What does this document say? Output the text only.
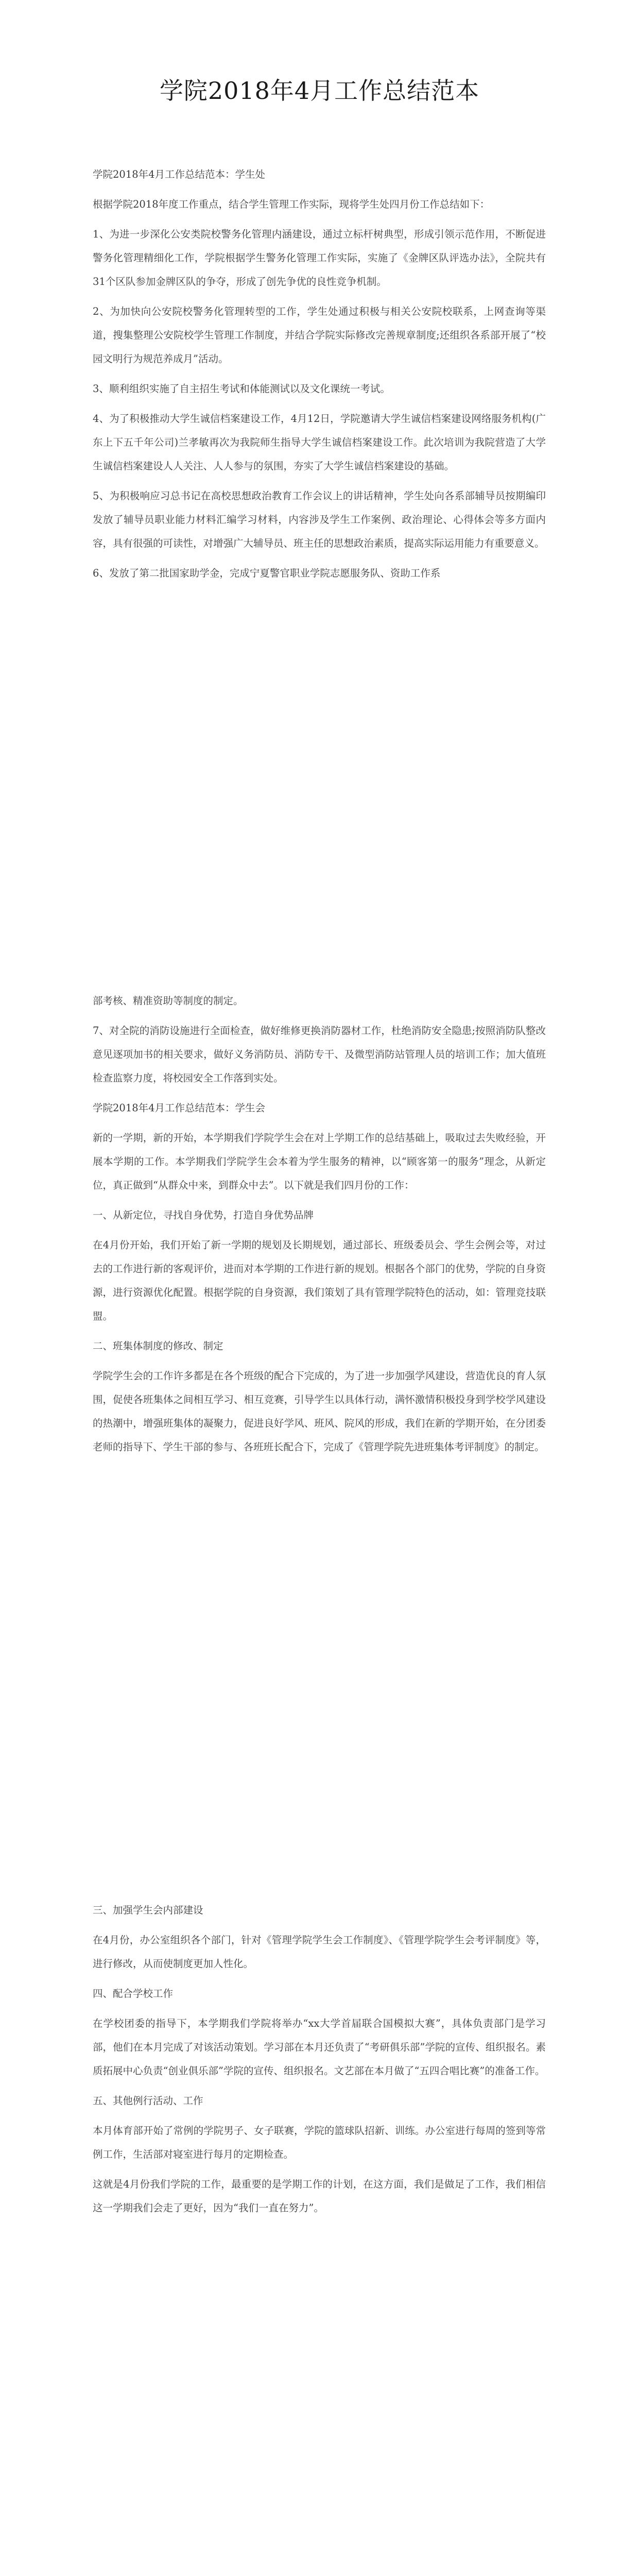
学院2018年4月工作总结范本

学院2018年4月工作总结范本：学生处

根据学院2018年度工作重点，结合学生管理工作实际，现将学生处四月份工作总结如下：

1、为进一步深化公安类院校警务化管理内涵建设，通过立标杆树典型，形成引领示范作用，不断促进警务化管理精细化工作，学院根据学生警务化管理工作实际，实施了《金牌区队评选办法》，全院共有31个区队参加金牌区队的争夺，形成了创先争优的良性竞争机制。

2、为加快向公安院校警务化管理转型的工作，学生处通过积极与相关公安院校联系，上网查询等渠道，搜集整理公安院校学生管理工作制度，并结合学院实际修改完善规章制度;还组织各系部开展了“校园文明行为规范养成月”活动。

3、顺利组织实施了自主招生考试和体能测试以及文化课统一考试。

4、为了积极推动大学生诚信档案建设工作，4月12日，学院邀请大学生诚信档案建设网络服务机构(广东上下五千年公司)兰孝敏再次为我院师生指导大学生诚信档案建设工作。此次培训为我院营造了大学生诚信档案建设人人关注、人人参与的氛围，夯实了大学生诚信档案建设的基础。

5、为积极响应习总书记在高校思想政治教育工作会议上的讲话精神，学生处向各系部辅导员按期编印发放了辅导员职业能力材料汇编学习材料，内容涉及学生工作案例、政治理论、心得体会等多方面内容，具有很强的可读性，对增强广大辅导员、班主任的思想政治素质，提高实际运用能力有重要意义。

6、发放了第二批国家助学金，完成宁夏警官职业学院志愿服务队、资助工作系

部考核、精准资助等制度的制定。

7、对全院的消防设施进行全面检查，做好维修更换消防器材工作，杜绝消防安全隐患;按照消防队整改意见逐项加书的相关要求，做好义务消防员、消防专干、及微型消防站管理人员的培训工作；加大值班检查监察力度，将校园安全工作落到实处。

学院2018年4月工作总结范本：学生会

新的一学期，新的开始，本学期我们学院学生会在对上学期工作的总结基础上，吸取过去失败经验，开展本学期的工作。本学期我们学院学生会本着为学生服务的精神，以“顾客第一的服务”理念，从新定位，真正做到“从群众中来，到群众中去”。以下就是我们四月份的工作：

一、从新定位，寻找自身优势，打造自身优势品牌

在4月份开始，我们开始了新一学期的规划及长期规划，通过部长、班级委员会、学生会例会等，对过去的工作进行新的客观评价，进而对本学期的工作进行新的规划。根据各个部门的优势，学院的自身资源，进行资源优化配置。根据学院的自身资源，我们策划了具有管理学院特色的活动，如：管理竞技联盟。

二、班集体制度的修改、制定

学院学生会的工作许多都是在各个班级的配合下完成的，为了进一步加强学风建设，营造优良的育人氛围，促使各班集体之间相互学习、相互竞赛，引导学生以具体行动，满怀激情积极投身到学校学风建设的热潮中，增强班集体的凝聚力，促进良好学风、班风、院风的形成，我们在新的学期开始，在分团委老师的指导下、学生干部的参与、各班班长配合下，完成了《管理学院先进班集体考评制度》的制定。

三、加强学生会内部建设

在4月份，办公室组织各个部门，针对《管理学院学生会工作制度》、《管理学院学生会考评制度》等，进行修改，从而使制度更加人性化。

四、配合学校工作

在学校团委的指导下，本学期我们学院将举办“xx大学首届联合国模拟大赛”，具体负责部门是学习部，他们在本月完成了对该活动策划。学习部在本月还负责了“考研俱乐部”学院的宣传、组织报名。素质拓展中心负责“创业俱乐部”学院的宣传、组织报名。文艺部在本月做了“五四合唱比赛”的准备工作。

五、其他例行活动、工作

本月体育部开始了常例的学院男子、女子联赛，学院的篮球队招新、训练。办公室进行每周的签到等常例工作，生活部对寝室进行每月的定期检查。

这就是4月份我们学院的工作，最重要的是学期工作的计划，在这方面，我们是做足了工作，我们相信这一学期我们会走了更好，因为“我们一直在努力”。
